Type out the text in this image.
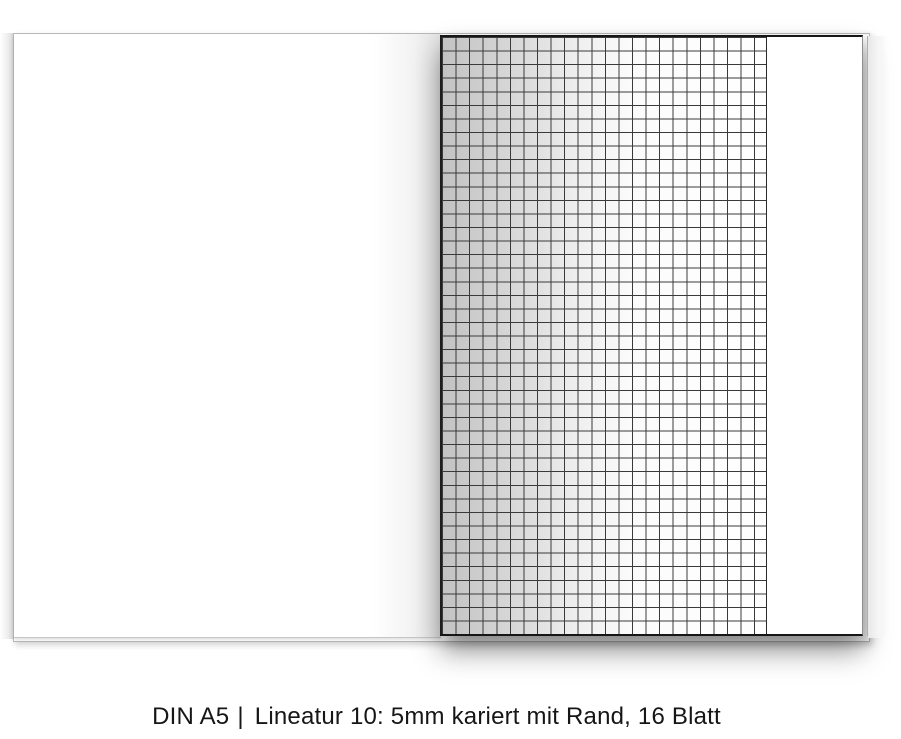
DIN A5 | Lineatur 10: 5mm kariert mit Rand, 16 Blatt
